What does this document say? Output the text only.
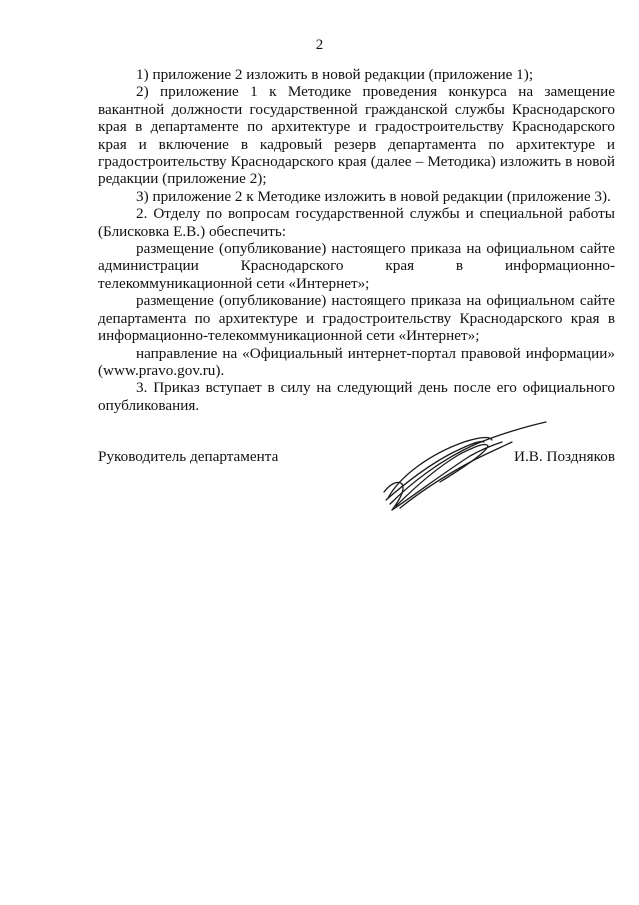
2

1) приложение 2 изложить в новой редакции (приложение 1);

2) приложение 1 к Методике проведения конкурса на замещение вакантной должности государственной гражданской службы Краснодарского края в департаменте по архитектуре и градостроительству Краснодарского края и включение в кадровый резерв департамента по архитектуре и градостроительству Краснодарского края (далее – Методика) изложить в новой редакции (приложение 2);

3) приложение 2 к Методике изложить в новой редакции (приложение 3).

2. Отделу по вопросам государственной службы и специальной работы (Блисковка Е.В.) обеспечить:

размещение (опубликование) настоящего приказа на официальном сайте администрации Краснодарского края в информационно-телекоммуникационной сети «Интернет»;

размещение (опубликование) настоящего приказа на официальном сайте департамента по архитектуре и градостроительству Краснодарского края в информационно-телекоммуникационной сети «Интернет»;

направление на «Официальный интернет-портал правовой информации» (www.pravo.gov.ru).

3. Приказ вступает в силу на следующий день после его официального опубликования.

Руководитель департамента	И.В. Поздняков
